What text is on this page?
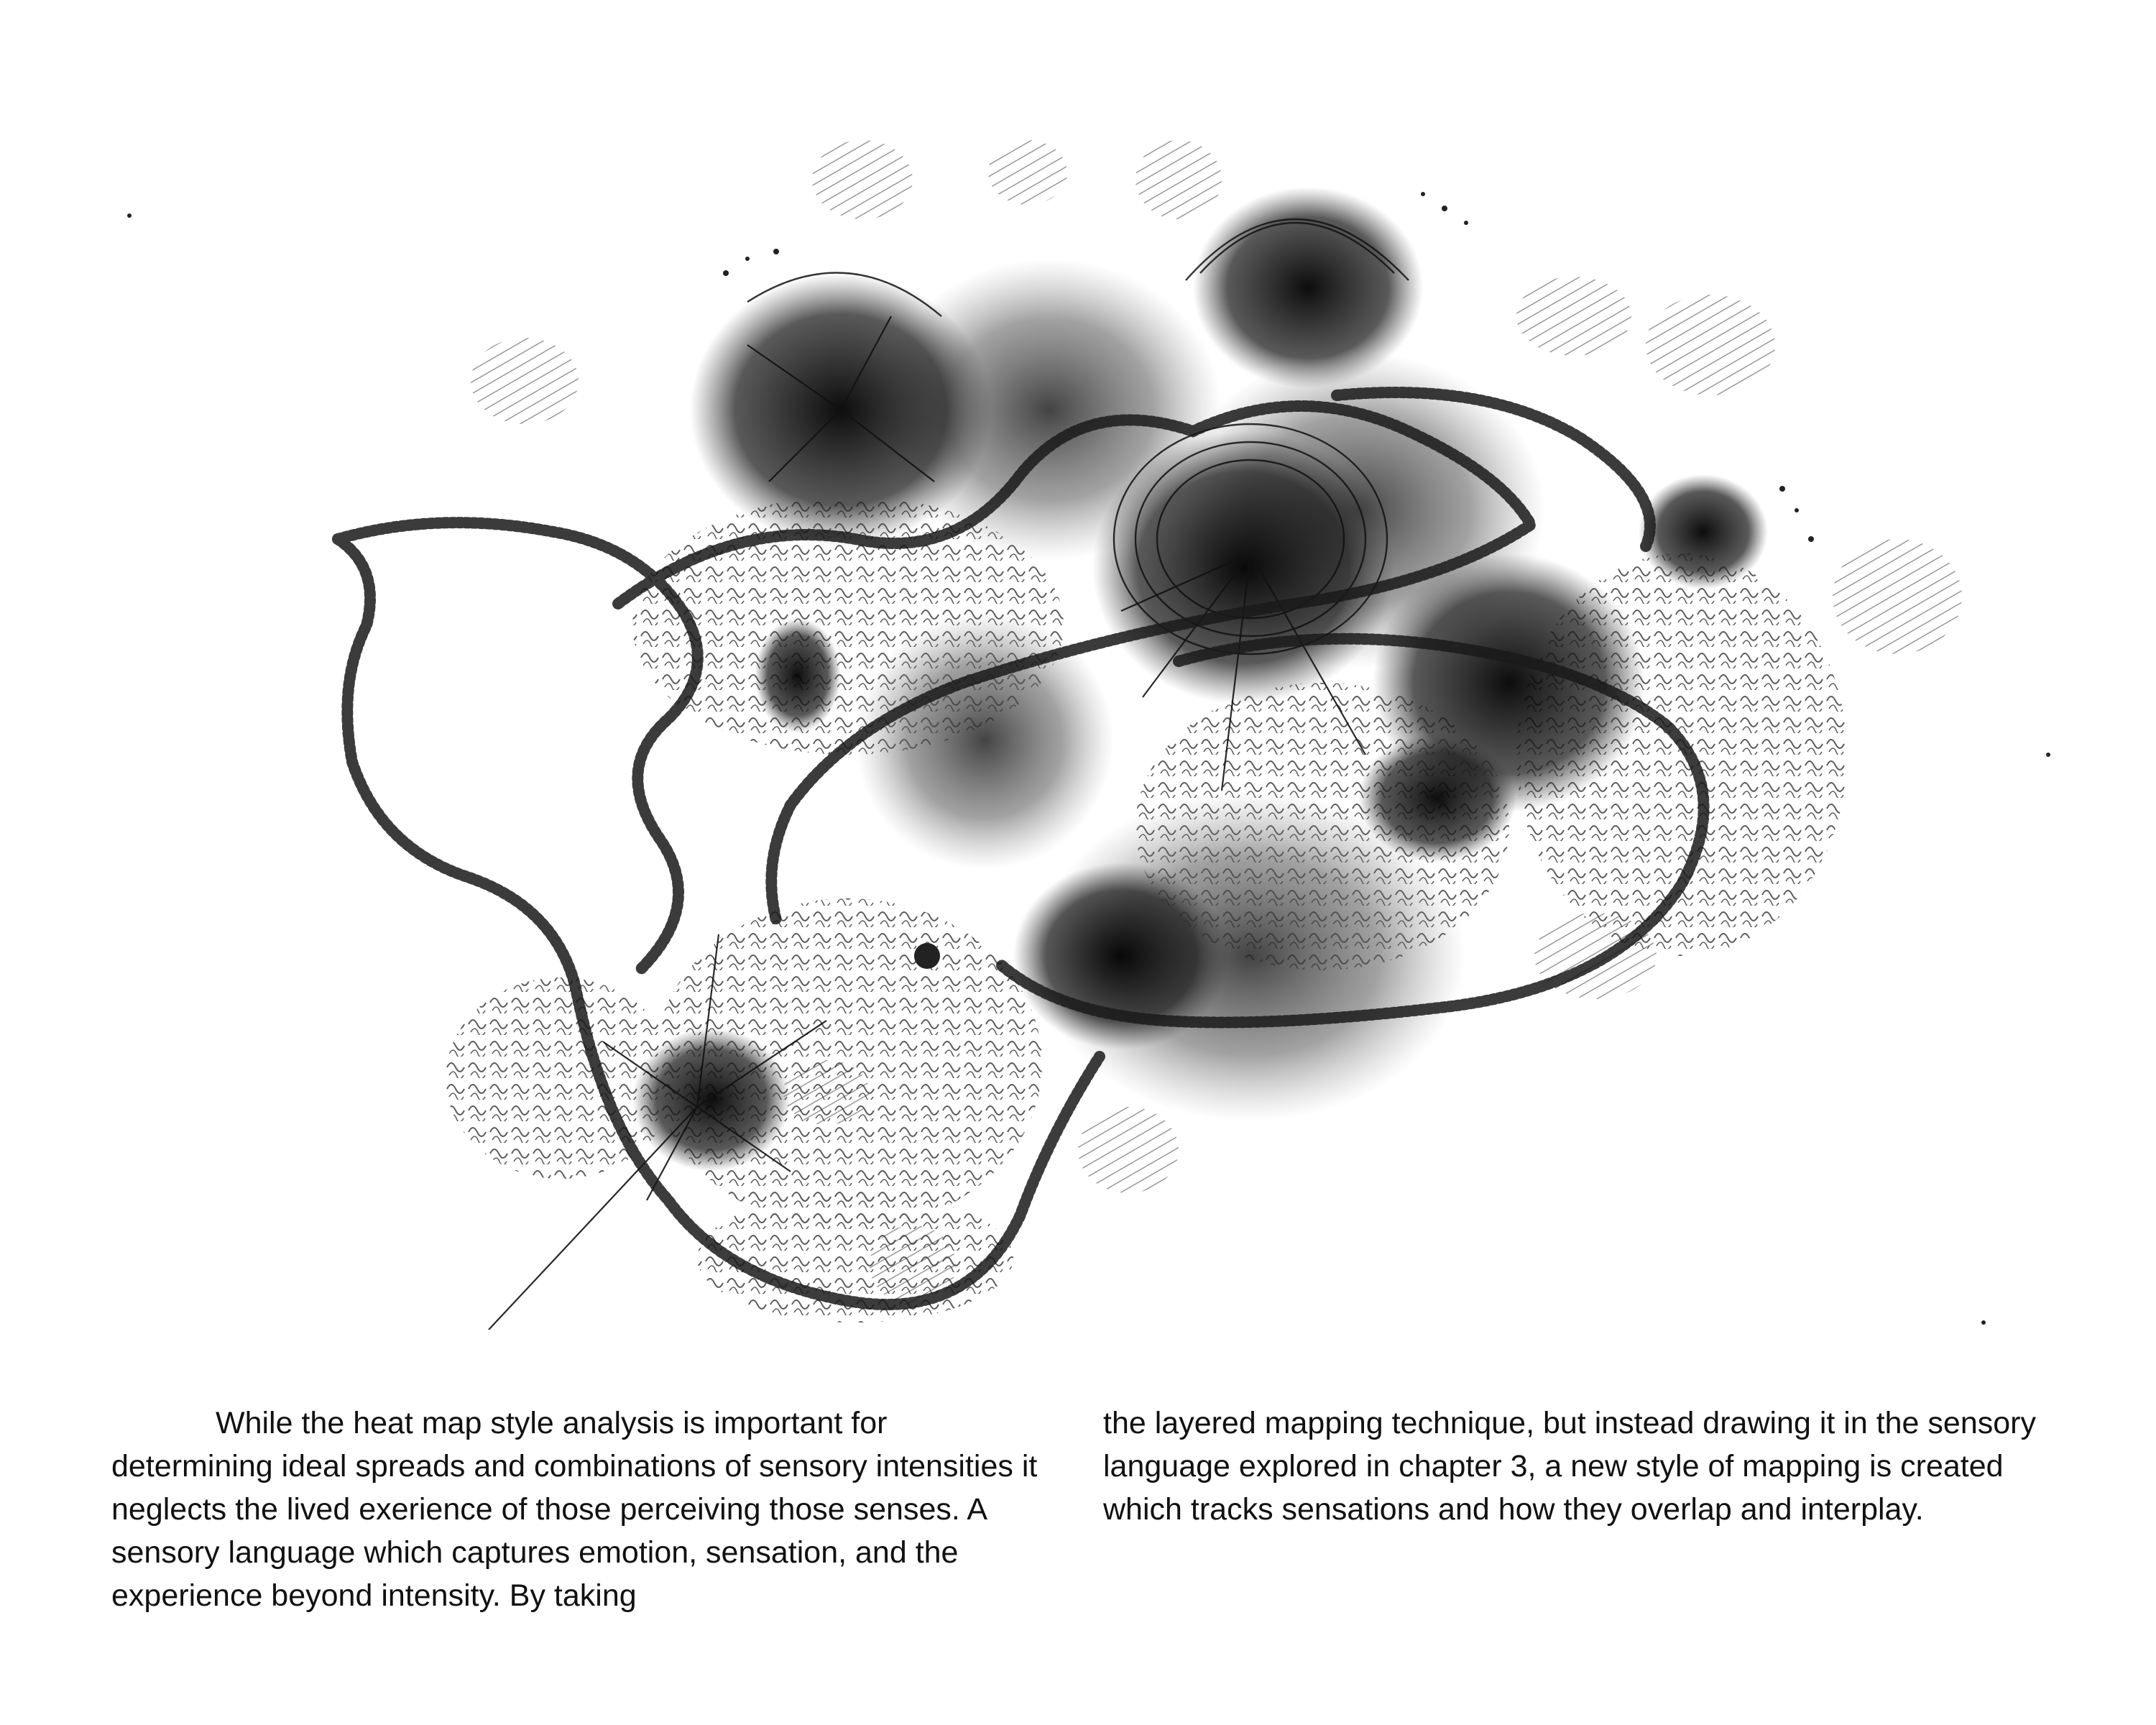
While the heat map style analysis is important for determining ideal spreads and combinations of sensory intensities it neglects the lived exerience of those perceiving those senses. A sensory language which captures emotion, sensation, and the experience beyond intensity. By taking

the layered mapping technique, but instead drawing it in the sensory language explored in chapter 3, a new style of mapping is created which tracks sensations and how they overlap and interplay.
